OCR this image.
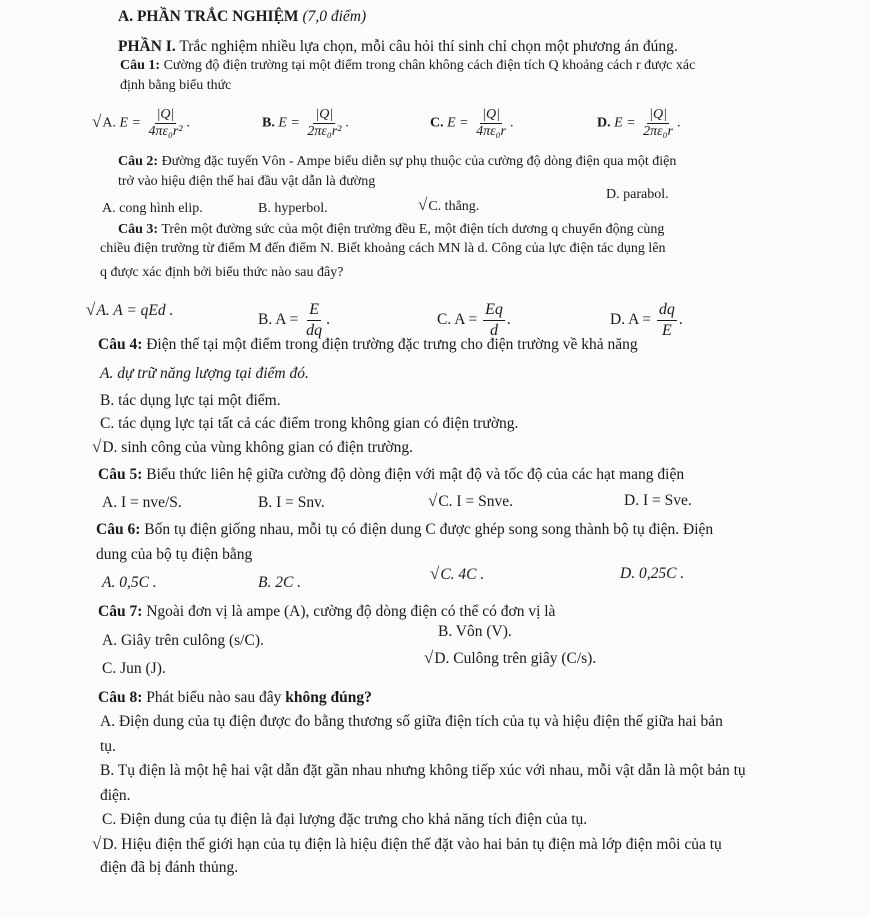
A. PHẦN TRẮC NGHIỆM (7,0 điểm)
PHẦN I. Trắc nghiệm nhiều lựa chọn, mỗi câu hỏi thí sinh chỉ chọn một phương án đúng.
Câu 1: Cường độ điện trường tại một điểm trong chân không cách điện tích Q khoảng cách r được xác
định bằng biểu thức
√A. $E = \frac{|Q|}{\text{4πε₀r²}}$ .	B. $E = \frac{|Q|}{\text{2πε₀r²}}$ .	C. $E = \frac{|Q|}{\text{4πε₀r}}$ .	D. $E = \frac{|Q|}{\text{2πε₀r}}$ .
Câu 2: Đường đặc tuyến Vôn - Ampe biểu diễn sự phụ thuộc của cường độ dòng điện qua một điện
trở vào hiệu điện thế hai đầu vật dẫn là đường
A. cong hình elip.	B. hyperbol.	√C. thẳng.
D. parabol.
Câu 3: Trên một đường sức của một điện trường đều E, một điện tích dương q chuyển động cùng
chiều điện trường từ điểm M đến điểm N. Biết khoảng cách MN là d. Công của lực điện tác dụng lên
q được xác định bởi biểu thức nào sau đây?
√A. A = qEd .
B. $A = \frac{E}{dq}$ .	C. $A = \frac{Eq}{d}$ .	D. $A = \frac{dq}{E}$ .
Câu 4: Điện thế tại một điểm trong điện trường đặc trưng cho điện trường về khả năng
A. dự trữ năng lượng tại điểm đó.
B. tác dụng lực tại một điểm.
C. tác dụng lực tại tất cả các điểm trong không gian có điện trường.
√D. sinh công của vùng không gian có điện trường.
Câu 5: Biểu thức liên hệ giữa cường độ dòng điện với mật độ và tốc độ của các hạt mang điện
A. I = nve/S.	B. I = Snv.	√C. I = Snve.	D. I = Sve.
Câu 6: Bốn tụ điện giống nhau, mỗi tụ có điện dung C được ghép song song thành bộ tụ điện. Điện
dung của bộ tụ điện bằng
A. 0,5C .	B. 2C .	√C. 4C .	D. 0,25C .
Câu 7: Ngoài đơn vị là ampe (A), cường độ dòng điện có thể có đơn vị là
A. Giây trên culông (s/C).
B. Vôn (V).
C. Jun (J).
√D. Culông trên giây (C/s).
Câu 8: Phát biểu nào sau đây không đúng?
A. Điện dung của tụ điện được đo bằng thương số giữa điện tích của tụ và hiệu điện thế giữa hai bản
tụ.
B. Tụ điện là một hệ hai vật dẫn đặt gần nhau nhưng không tiếp xúc với nhau, mỗi vật dẫn là một bản tụ
điện.
C. Điện dung của tụ điện là đại lượng đặc trưng cho khả năng tích điện của tụ.
√D. Hiệu điện thế giới hạn của tụ điện là hiệu điện thế đặt vào hai bản tụ điện mà lớp điện môi của tụ
điện đã bị đánh thủng.
